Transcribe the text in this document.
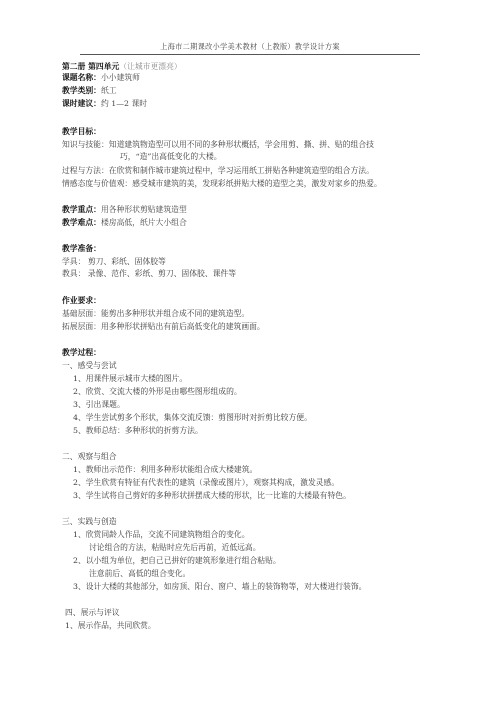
上海市二期课改小学美术教材（上教版）教学设计方案
第二册 第四单元（让城市更漂亮）
课题名称：小小建筑师
教学类别：纸工
课时建议：约 1—2 课时
教学目标：
知识与技能：知道建筑物造型可以用不同的多种形状概括，学会用剪、撕、拼、贴的组合技
巧，“造”出高低变化的大楼。
过程与方法：在欣赏和制作城市建筑过程中，学习运用纸工拼贴各种建筑造型的组合方法。
情感态度与价值观：感受城市建筑的美，发现彩纸拼贴大楼的造型之美，激发对家乡的热爱。
教学重点：用各种形状剪贴建筑造型
教学难点：楼房高低，纸片大小组合
教学准备：
学具： 剪刀、彩纸、固体胶等
教具： 录像、范作、彩纸、剪刀、固体胶、课件等
作业要求：
基础层面：能剪出多种形状并组合成不同的建筑造型。
拓展层面：用多种形状拼贴出有前后高低变化的建筑画面。
教学过程：
一、感受与尝试
1、用课件展示城市大楼的图片。
2、欣赏、交流大楼的外形是由哪些图形组成的。
3、引出课题。
4、学生尝试剪多个形状，集体交流反馈：剪图形时对折剪比较方便。
5、教师总结：多种形状的折剪方法。
二、观察与组合
1、教师出示范作：利用多种形状能组合成大楼建筑。
2、学生欣赏有特征有代表性的建筑（录像或图片），观察其构成，激发灵感。
3、学生试将自己剪好的多种形状拼摆成大楼的形状，比一比谁的大楼最有特色。
三、实践与创造
1、欣赏同龄人作品，交流不同建筑物组合的变化。
讨论组合的方法，粘贴时应先后再前，近低远高。
2、以小组为单位，把自己已拼好的建筑形象进行组合粘贴。
注意前后、高低的组合变化。
3、设计大楼的其他部分，如房顶、阳台、窗户、墙上的装饰物等，对大楼进行装饰。
四、展示与评议
1、展示作品，共同欣赏。
